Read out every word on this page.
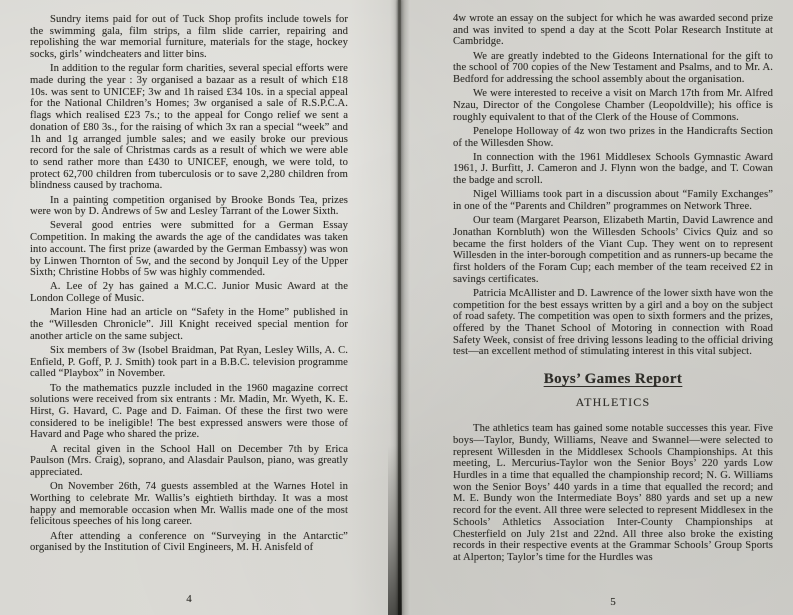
Sundry items paid for out of Tuck Shop profits include towels for the swimming gala, film strips, a film slide carrier, repairing and repolishing the war memorial furniture, materials for the stage, hockey socks, girls’ windcheaters and litter bins.

In addition to the regular form charities, several special efforts were made during the year : 3y organised a bazaar as a result of which £18 10s. was sent to UNICEF; 3w and 1h raised £34 10s. in a special appeal for the National Children’s Homes; 3w organised a sale of R.S.P.C.A. flags which realised £23 7s.; to the appeal for Congo relief we sent a donation of £80 3s., for the raising of which 3x ran a special “week” and 1h and 1g arranged jumble sales; and we easily broke our previous record for the sale of Christmas cards as a result of which we were able to send rather more than £430 to UNICEF, enough, we were told, to protect 62,700 children from tuberculosis or to save 2,280 children from blindness caused by trachoma.

In a painting competition organised by Brooke Bonds Tea, prizes were won by D. Andrews of 5w and Lesley Tarrant of the Lower Sixth.

Several good entries were submitted for a German Essay Competition. In making the awards the age of the candidates was taken into account. The first prize (awarded by the German Embassy) was won by Linwen Thornton of 5w, and the second by Jonquil Ley of the Upper Sixth; Christine Hobbs of 5w was highly commended.

A. Lee of 2y has gained a M.C.C. Junior Music Award at the London College of Music.

Marion Hine had an article on “Safety in the Home” published in the “Willesden Chronicle”. Jill Knight received special mention for another article on the same subject.

Six members of 3w (Isobel Braidman, Pat Ryan, Lesley Wills, A. C. Enfield, P. Goff, P. J. Smith) took part in a B.B.C. television programme called “Playbox” in November.

To the mathematics puzzle included in the 1960 magazine correct solutions were received from six entrants : Mr. Madin, Mr. Wyeth, K. E. Hirst, G. Havard, C. Page and D. Faiman. Of these the first two were considered to be ineligible! The best expressed answers were those of Havard and Page who shared the prize.

A recital given in the School Hall on December 7th by Erica Paulson (Mrs. Craig), soprano, and Alasdair Paulson, piano, was greatly appreciated.

On November 26th, 74 guests assembled at the Warnes Hotel in Worthing to celebrate Mr. Wallis’s eightieth birthday. It was a most happy and memorable occasion when Mr. Wallis made one of the most felicitous speeches of his long career.

After attending a conference on “Surveying in the Antarctic” organised by the Institution of Civil Engineers, M. H. Anisfeld of

4

4w wrote an essay on the subject for which he was awarded second prize and was invited to spend a day at the Scott Polar Research Institute at Cambridge.

We are greatly indebted to the Gideons International for the gift to the school of 700 copies of the New Testament and Psalms, and to Mr. A. Bedford for addressing the school assembly about the organisation.

We were interested to receive a visit on March 17th from Mr. Alfred Nzau, Director of the Congolese Chamber (Leopoldville); his office is roughly equivalent to that of the Clerk of the House of Commons.

Penelope Holloway of 4z won two prizes in the Handicrafts Section of the Willesden Show.

In connection with the 1961 Middlesex Schools Gymnastic Award 1961, J. Burfitt, J. Cameron and J. Flynn won the badge, and T. Cowan the badge and scroll.

Nigel Williams took part in a discussion about “Family Exchanges” in one of the “Parents and Children” programmes on Network Three.

Our team (Margaret Pearson, Elizabeth Martin, David Lawrence and Jonathan Kornbluth) won the Willesden Schools’ Civics Quiz and so became the first holders of the Viant Cup. They went on to represent Willesden in the inter-borough competition and as runners-up became the first holders of the Foram Cup; each member of the team received £2 in savings certificates.

Patricia McAllister and D. Lawrence of the lower sixth have won the competition for the best essays written by a girl and a boy on the subject of road safety. The competition was open to sixth formers and the prizes, offered by the Thanet School of Motoring in connection with Road Safety Week, consist of free driving lessons leading to the official driving test—an excellent method of stimulating interest in this vital subject.

Boys’ Games Report
ATHLETICS

The athletics team has gained some notable successes this year. Five boys—Taylor, Bundy, Williams, Neave and Swannel—were selected to represent Willesden in the Middlesex Schools Championships. At this meeting, L. Mercurius-Taylor won the Senior Boys’ 220 yards Low Hurdles in a time that equalled the championship record; N. G. Williams won the Senior Boys’ 440 yards in a time that equalled the record; and M. E. Bundy won the Intermediate Boys’ 880 yards and set up a new record for the event. All three were selected to represent Middlesex in the Schools’ Athletics Association Inter-County Championships at Chesterfield on July 21st and 22nd. All three also broke the existing records in their respective events at the Grammar Schools’ Group Sports at Alperton; Taylor’s time for the Hurdles was

5
